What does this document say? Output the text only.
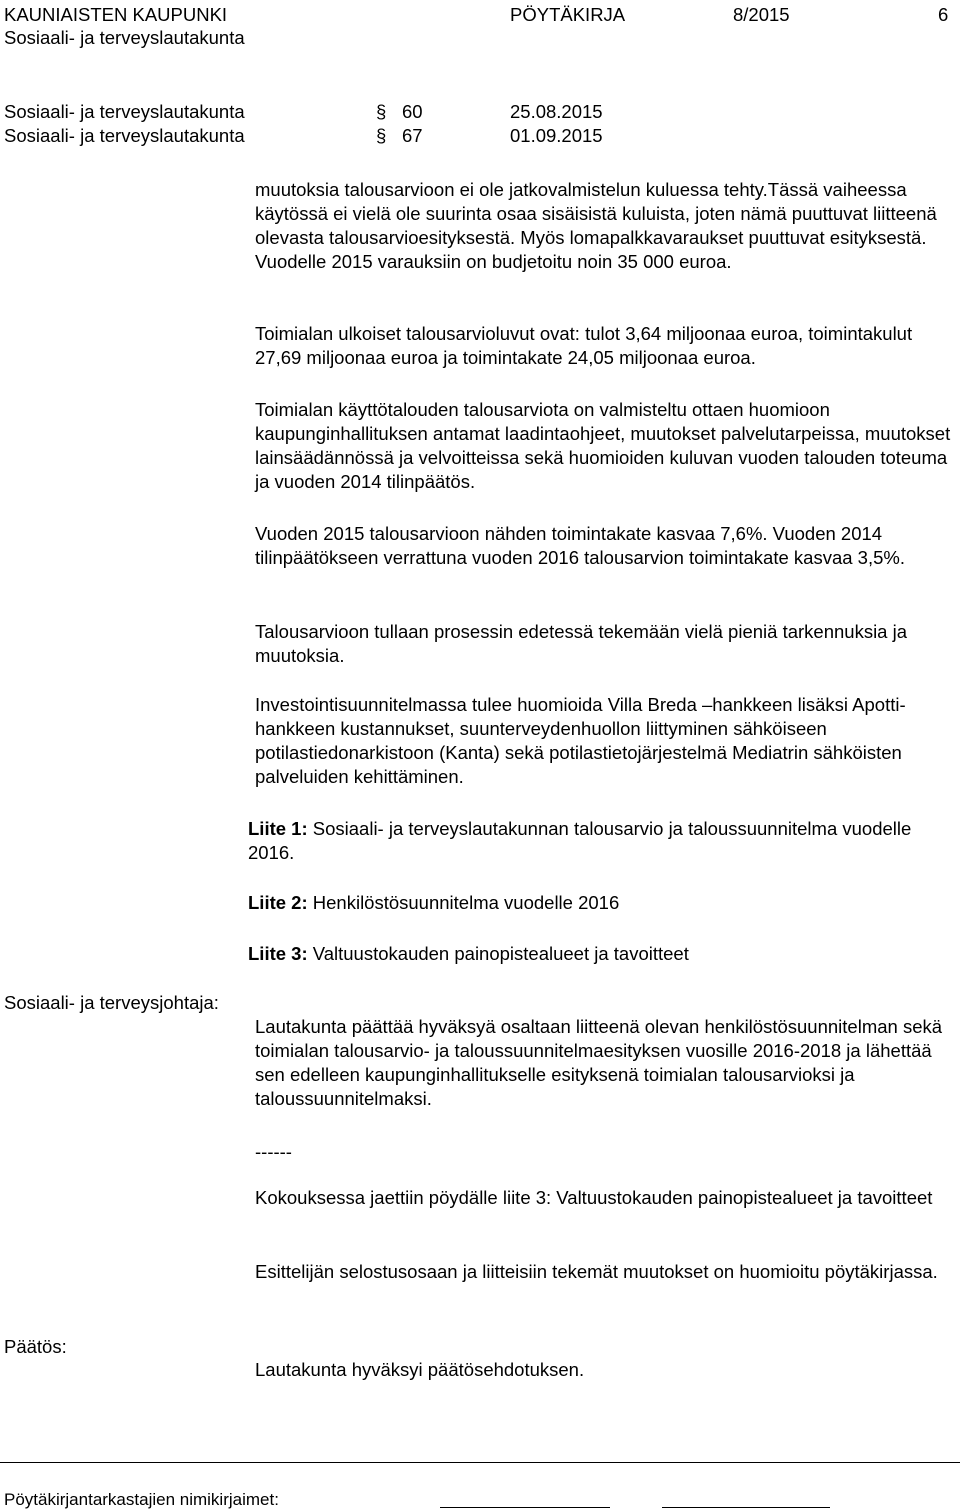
KAUNIAISTEN KAUPUNKI
Sosiaali- ja terveyslautakunta
PÖYTÄKIRJA	8/2015	6
Sosiaali- ja terveyslautakunta	§ 60	25.08.2015
Sosiaali- ja terveyslautakunta	§ 67	01.09.2015
muutoksia talousarvioon ei ole jatkovalmistelun kuluessa tehty.Tässä vaiheessa käytössä ei vielä ole suurinta osaa sisäisistä kuluista, joten nämä puuttuvat liitteenä olevasta talousarvioesityksestä. Myös lomapalkkavaraukset puuttuvat esityksestä. Vuodelle 2015 varauksiin on budjetoitu noin 35 000 euroa.
Toimialan ulkoiset talousarvioluvut ovat: tulot 3,64 miljoonaa euroa, toimintakulut 27,69 miljoonaa euroa ja toimintakate 24,05 miljoonaa euroa.
Toimialan käyttötalouden talousarviota on valmisteltu ottaen huomioon kaupunginhallituksen antamat laadintaohjeet, muutokset palvelutarpeissa, muutokset lainsäädännössä ja velvoitteissa sekä huomioiden kuluvan vuoden talouden toteuma ja vuoden 2014 tilinpäätös.
Vuoden 2015 talousarvioon nähden toimintakate kasvaa 7,6%. Vuoden 2014 tilinpäätökseen verrattuna vuoden 2016 talousarvion toimintakate kasvaa 3,5%.
Talousarvioon tullaan prosessin edetessä tekemään vielä pieniä tarkennuksia ja muutoksia.
Investointisuunnitelmassa tulee huomioida Villa Breda –hankkeen lisäksi Apotti-hankkeen kustannukset, suunterveydenhuollon liittyminen sähköiseen potilastiedonarkistoon (Kanta) sekä potilastietojärjestelmä Mediatrin sähköisten palveluiden kehittäminen.
Liite 1: Sosiaali- ja terveyslautakunnan talousarvio ja taloussuunnitelma vuodelle 2016.
Liite 2: Henkilöstösuunnitelma vuodelle 2016
Liite 3: Valtuustokauden painopistealueet ja tavoitteet
Sosiaali- ja terveysjohtaja:
Lautakunta päättää hyväksyä osaltaan liitteenä olevan henkilöstösuunnitelman sekä toimialan talousarvio- ja taloussuunnitelmaesityksen vuosille 2016-2018 ja lähettää sen edelleen kaupunginhallitukselle esityksenä toimialan talousarvioksi ja taloussuunnitelmaksi.
------
Kokouksessa jaettiin pöydälle liite 3: Valtuustokauden painopistealueet ja tavoitteet
Esittelijän selostusosaan ja liitteisiin tekemät muutokset on huomioitu pöytäkirjassa.
Päätös:
Lautakunta hyväksyi päätösehdotuksen.
Pöytäkirjantarkastajien nimikirjaimet:
